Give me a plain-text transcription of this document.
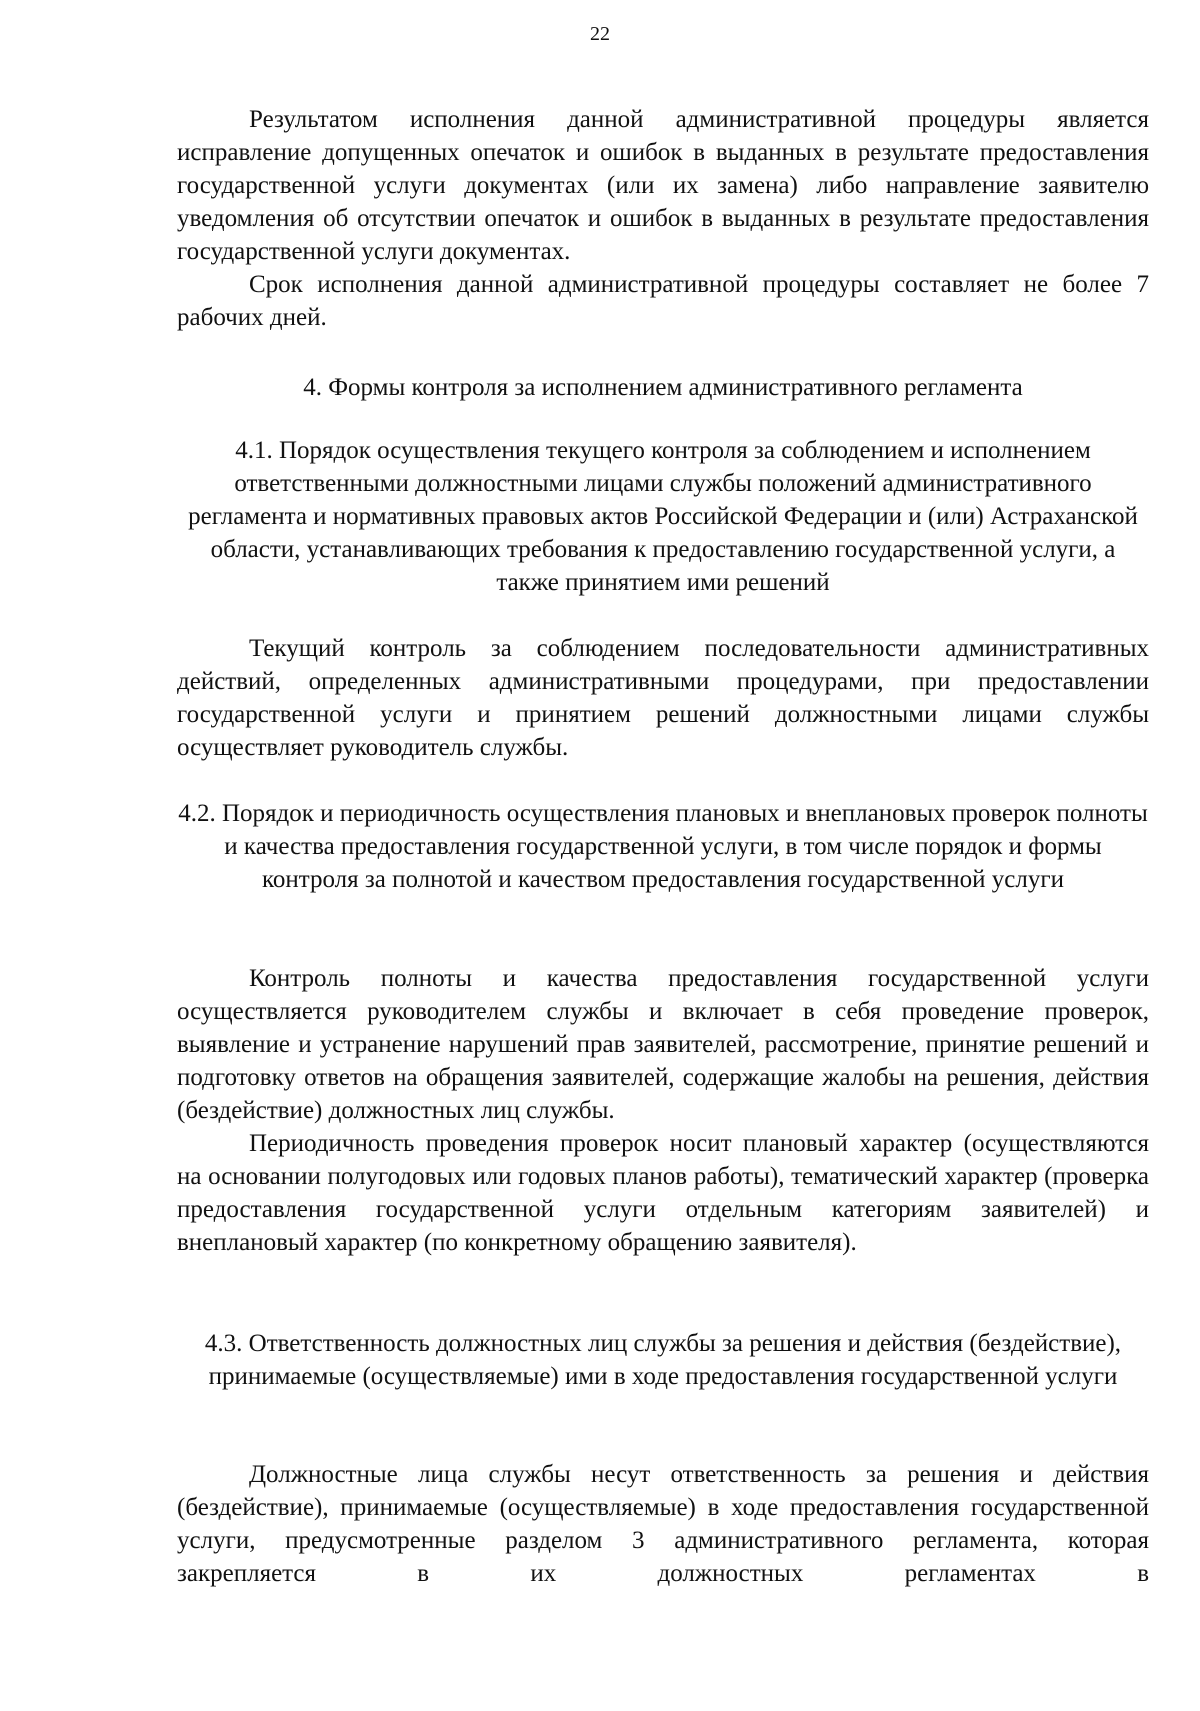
22

Результатом исполнения данной административной процедуры является исправление допущенных опечаток и ошибок в выданных в результате предоставления государственной услуги документах (или их замена) либо направление заявителю уведомления об отсутствии опечаток и ошибок в выданных в результате предоставления государственной услуги документах.

Срок исполнения данной административной процедуры составляет не более 7 рабочих дней.

4. Формы контроля за исполнением административного регламента

4.1. Порядок осуществления текущего контроля за соблюдением и исполнением ответственными должностными лицами службы положений административного регламента и нормативных правовых актов Российской Федерации и (или) Астраханской области, устанавливающих требования к предоставлению государственной услуги, а также принятием ими решений

Текущий контроль за соблюдением последовательности административных действий, определенных административными процедурами, при предоставлении государственной услуги и принятием решений должностными лицами службы осуществляет руководитель службы.

4.2. Порядок и периодичность осуществления плановых и внеплановых проверок полноты и качества предоставления государственной услуги, в том числе порядок и формы контроля за полнотой и качеством предоставления государственной услуги

Контроль полноты и качества предоставления государственной услуги осуществляется руководителем службы и включает в себя проведение проверок, выявление и устранение нарушений прав заявителей, рассмотрение, принятие решений и подготовку ответов на обращения заявителей, содержащие жалобы на решения, действия (бездействие) должностных лиц службы.

Периодичность проведения проверок носит плановый характер (осуществляются на основании полугодовых или годовых планов работы), тематический характер (проверка предоставления государственной услуги отдельным категориям заявителей) и внеплановый характер (по конкретному обращению заявителя).

4.3. Ответственность должностных лиц службы за решения и действия (бездействие), принимаемые (осуществляемые) ими в ходе предоставления государственной услуги

Должностные лица службы несут ответственность за решения и действия (бездействие), принимаемые (осуществляемые) в ходе предоставления государственной услуги, предусмотренные разделом 3 административного регламента, которая закрепляется в их должностных регламентах в
